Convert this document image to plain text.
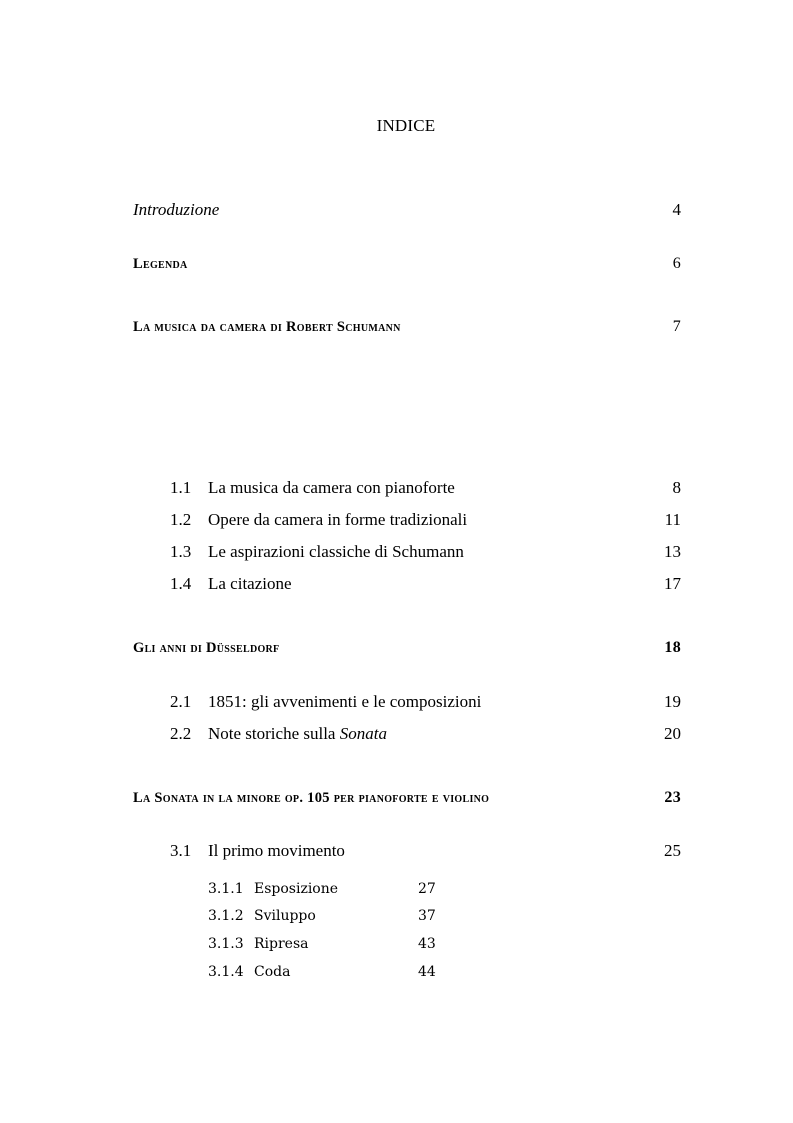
INDICE
Introduzione	4
Legenda	6
La musica da camera di Robert Schumann	7
1.1 La musica da camera con pianoforte	8
1.2 Opere da camera in forme tradizionali	11
1.3 Le aspirazioni classiche di Schumann	13
1.4 La citazione	17
Gli anni di Düsseldorf	18
2.1 1851: gli avvenimenti e le composizioni	19
2.2 Note storiche sulla Sonata	20
La Sonata in la minore op. 105 per pianoforte e violino	23
3.1 Il primo movimento	25
3.1.1 Esposizione	27
3.1.2 Sviluppo	37
3.1.3 Ripresa	43
3.1.4 Coda	44
